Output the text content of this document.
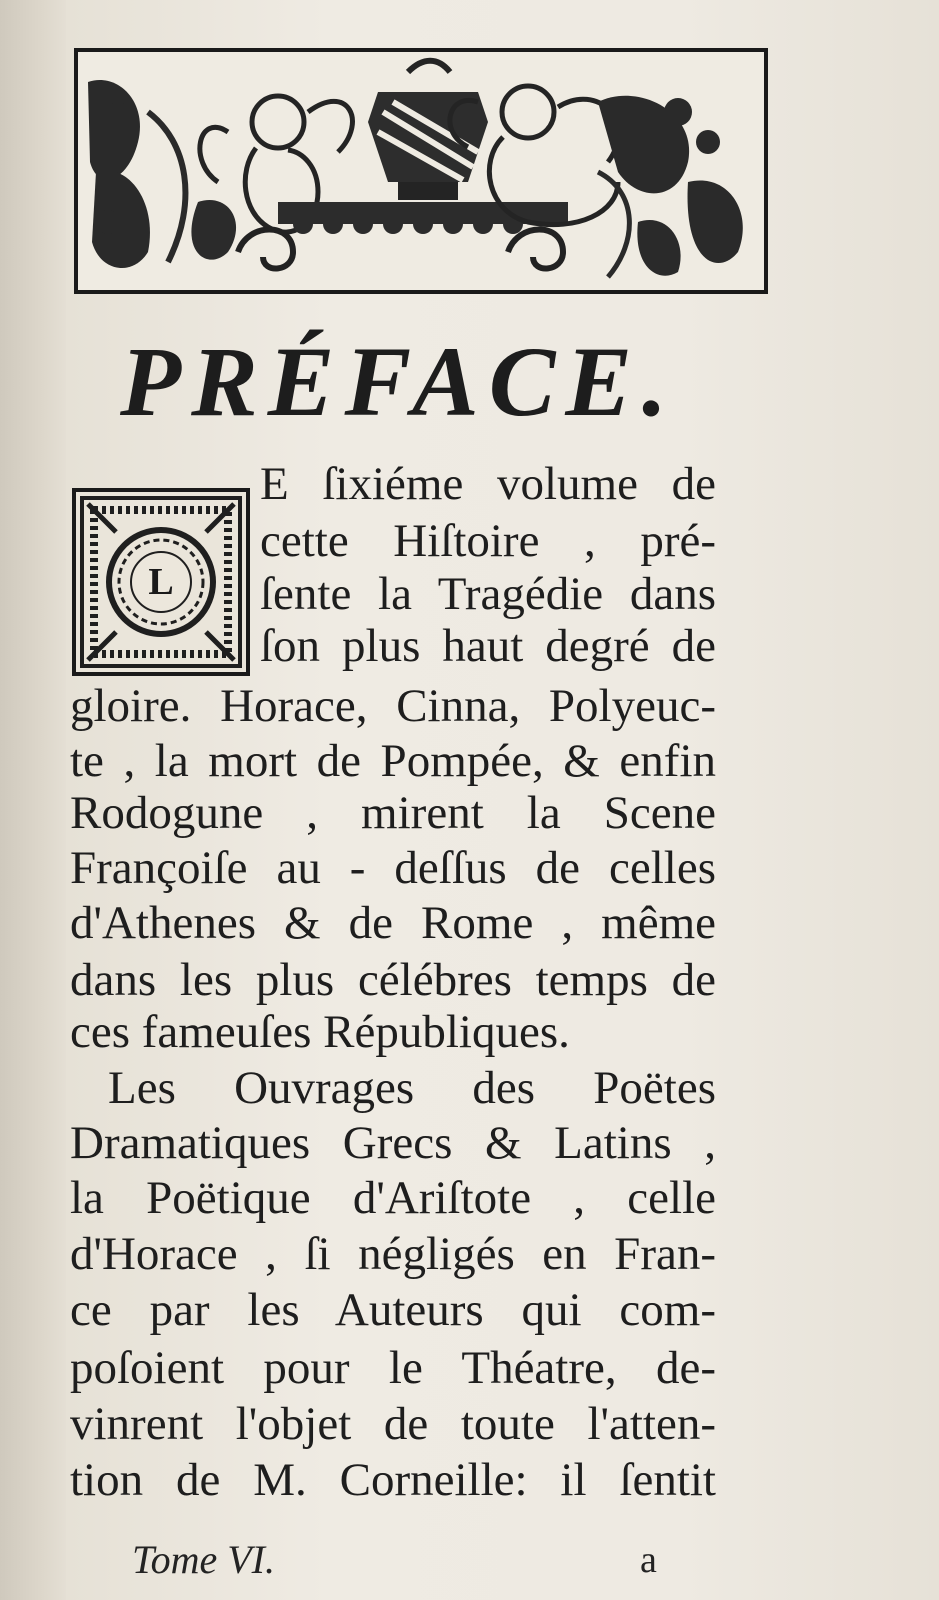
PRÉFACE.
L

E ſixiéme volume de

cette Hiſtoire , pré-

ſente la Tragédie dans

ſon plus haut degré de

gloire. Horace, Cinna, Polyeuc-

te , la mort de Pompée, & enfin

Rodogune , mirent la Scene

Françoiſe au - deſſus de celles

d'Athenes & de Rome , même

dans les plus célébres temps de

ces fameuſes Républiques.

Les Ouvrages des Poëtes

Dramatiques Grecs & Latins ,

la Poëtique d'Ariſtote , celle

d'Horace , ſi négligés en Fran-

ce par les Auteurs qui com-

poſoient pour le Théatre, de-

vinrent l'objet de toute l'atten-

tion de M. Corneille: il ſentit

Tome VI.	a
